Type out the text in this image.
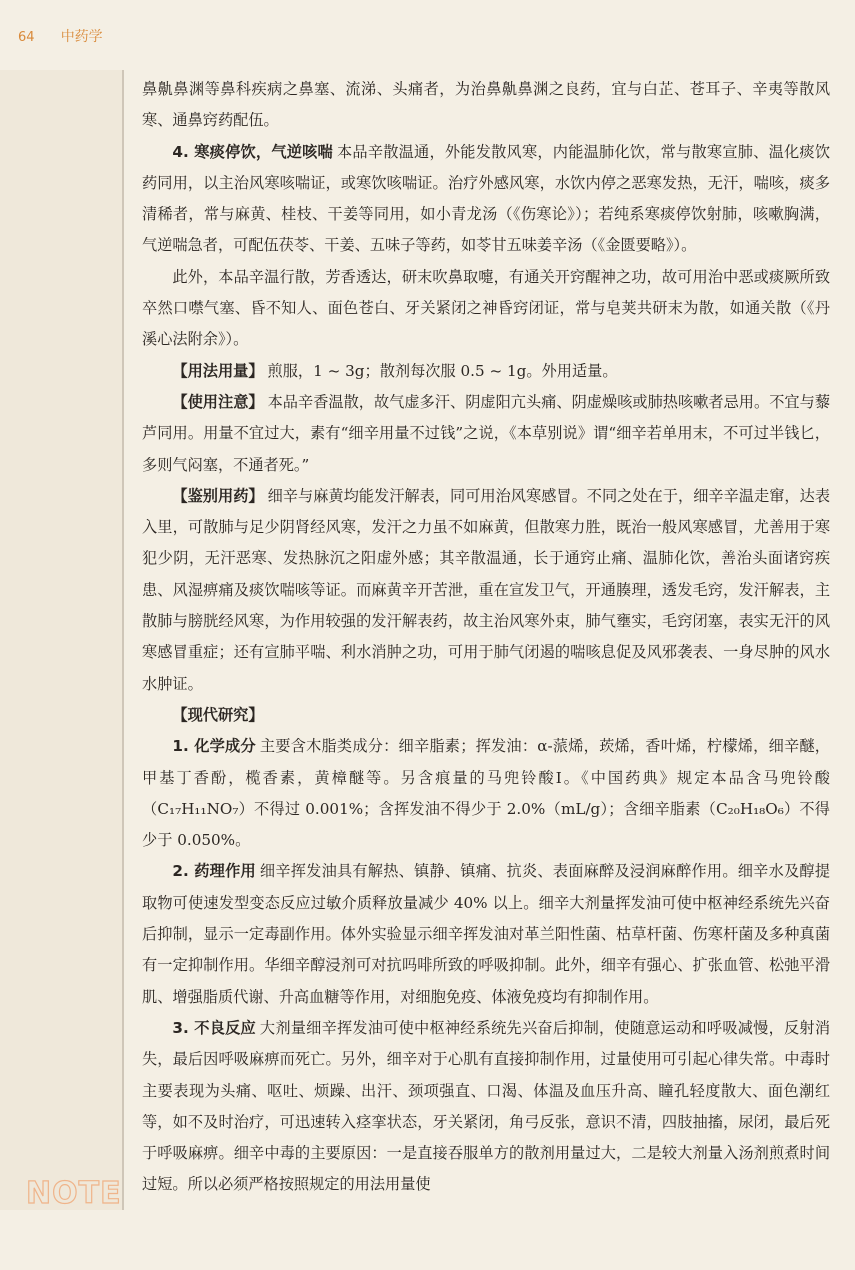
64 中药学
NOTE

鼻鼽鼻渊等鼻科疾病之鼻塞、流涕、头痛者，为治鼻鼽鼻渊之良药，宜与白芷、苍耳子、辛夷等散风寒、通鼻窍药配伍。

4. 寒痰停饮，气逆咳喘 本品辛散温通，外能发散风寒，内能温肺化饮，常与散寒宣肺、温化痰饮药同用，以主治风寒咳喘证，或寒饮咳喘证。治疗外感风寒，水饮内停之恶寒发热，无汗，喘咳，痰多清稀者，常与麻黄、桂枝、干姜等同用，如小青龙汤（《伤寒论》）；若纯系寒痰停饮射肺，咳嗽胸满，气逆喘急者，可配伍茯苓、干姜、五味子等药，如苓甘五味姜辛汤（《金匮要略》）。

此外，本品辛温行散，芳香透达，研末吹鼻取嚏，有通关开窍醒神之功，故可用治中恶或痰厥所致卒然口噤气塞、昏不知人、面色苍白、牙关紧闭之神昏窍闭证，常与皂荚共研末为散，如通关散（《丹溪心法附余》）。

【用法用量】 煎服，1 ~ 3g；散剂每次服 0.5 ~ 1g。外用适量。

【使用注意】 本品辛香温散，故气虚多汗、阴虚阳亢头痛、阴虚燥咳或肺热咳嗽者忌用。不宜与藜芦同用。用量不宜过大，素有“细辛用量不过钱”之说，《本草别说》谓“细辛若单用末，不可过半钱匕，多则气闷塞，不通者死。”

【鉴别用药】 细辛与麻黄均能发汗解表，同可用治风寒感冒。不同之处在于，细辛辛温走窜，达表入里，可散肺与足少阴肾经风寒，发汗之力虽不如麻黄，但散寒力胜，既治一般风寒感冒，尤善用于寒犯少阴，无汗恶寒、发热脉沉之阳虚外感；其辛散温通，长于通窍止痛、温肺化饮，善治头面诸窍疾患、风湿痹痛及痰饮喘咳等证。而麻黄辛开苦泄，重在宣发卫气，开通腠理，透发毛窍，发汗解表，主散肺与膀胱经风寒，为作用较强的发汗解表药，故主治风寒外束，肺气壅实，毛窍闭塞，表实无汗的风寒感冒重症；还有宣肺平喘、利水消肿之功，可用于肺气闭遏的喘咳息促及风邪袭表、一身尽肿的风水水肿证。

【现代研究】

1. 化学成分 主要含木脂类成分：细辛脂素；挥发油：α-蒎烯，莰烯，香叶烯，柠檬烯，细辛醚，甲基丁香酚，榄香素，黄樟醚等。另含痕量的马兜铃酸Ⅰ。《中国药典》规定本品含马兜铃酸（C₁₇H₁₁NO₇）不得过 0.001%；含挥发油不得少于 2.0%（mL/g）；含细辛脂素（C₂₀H₁₈O₆）不得少于 0.050%。

2. 药理作用 细辛挥发油具有解热、镇静、镇痛、抗炎、表面麻醉及浸润麻醉作用。细辛水及醇提取物可使速发型变态反应过敏介质释放量减少 40% 以上。细辛大剂量挥发油可使中枢神经系统先兴奋后抑制，显示一定毒副作用。体外实验显示细辛挥发油对革兰阳性菌、枯草杆菌、伤寒杆菌及多种真菌有一定抑制作用。华细辛醇浸剂可对抗吗啡所致的呼吸抑制。此外，细辛有强心、扩张血管、松弛平滑肌、增强脂质代谢、升高血糖等作用，对细胞免疫、体液免疫均有抑制作用。

3. 不良反应 大剂量细辛挥发油可使中枢神经系统先兴奋后抑制，使随意运动和呼吸减慢，反射消失，最后因呼吸麻痹而死亡。另外，细辛对于心肌有直接抑制作用，过量使用可引起心律失常。中毒时主要表现为头痛、呕吐、烦躁、出汗、颈项强直、口渴、体温及血压升高、瞳孔轻度散大、面色潮红等，如不及时治疗，可迅速转入痉挛状态，牙关紧闭，角弓反张，意识不清，四肢抽搐，尿闭，最后死于呼吸麻痹。细辛中毒的主要原因：一是直接吞服单方的散剂用量过大，二是较大剂量入汤剂煎煮时间过短。所以必须严格按照规定的用法用量使
